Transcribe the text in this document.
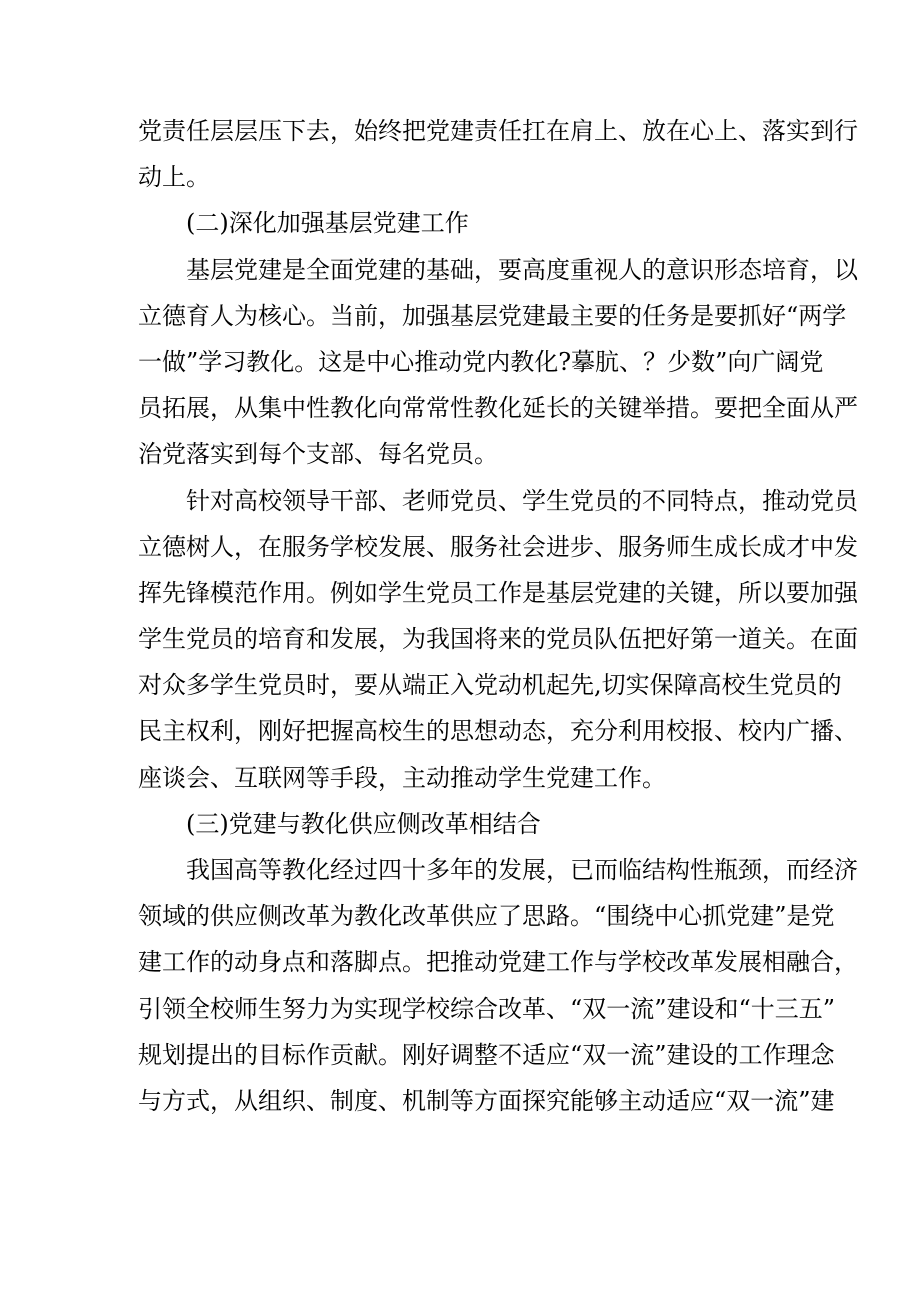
党责任层层压下去，始终把党建责任扛在肩上、放在心上、落实到行
动上。
(二)深化加强基层党建工作
基层党建是全面党建的基础，要高度重视人的意识形态培育，以
立德育人为核心。当前，加强基层党建最主要的任务是要抓好“两学
一做”学习教化。这是中心推动党内教化?摹肮、？少数”向广阔党
员拓展，从集中性教化向常常性教化延长的关键举措。要把全面从严
治党落实到每个支部、每名党员。
针对高校领导干部、老师党员、学生党员的不同特点，推动党员
立德树人，在服务学校发展、服务社会进步、服务师生成长成才中发
挥先锋模范作用。例如学生党员工作是基层党建的关键，所以要加强
学生党员的培育和发展，为我国将来的党员队伍把好第一道关。在面
对众多学生党员时，要从端正入党动机起先,切实保障高校生党员的
民主权利，刚好把握高校生的思想动态，充分利用校报、校内广播、
座谈会、互联网等手段，主动推动学生党建工作。
(三)党建与教化供应侧改革相结合
我国高等教化经过四十多年的发展，已而临结构性瓶颈，而经济
领域的供应侧改革为教化改革供应了思路。“围绕中心抓党建”是党
建工作的动身点和落脚点。把推动党建工作与学校改革发展相融合，
引领全校师生努力为实现学校综合改革、“双一流”建设和“十三五”
规划提出的目标作贡献。刚好调整不适应“双一流”建设的工作理念
与方式，从组织、制度、机制等方面探究能够主动适应“双一流”建
